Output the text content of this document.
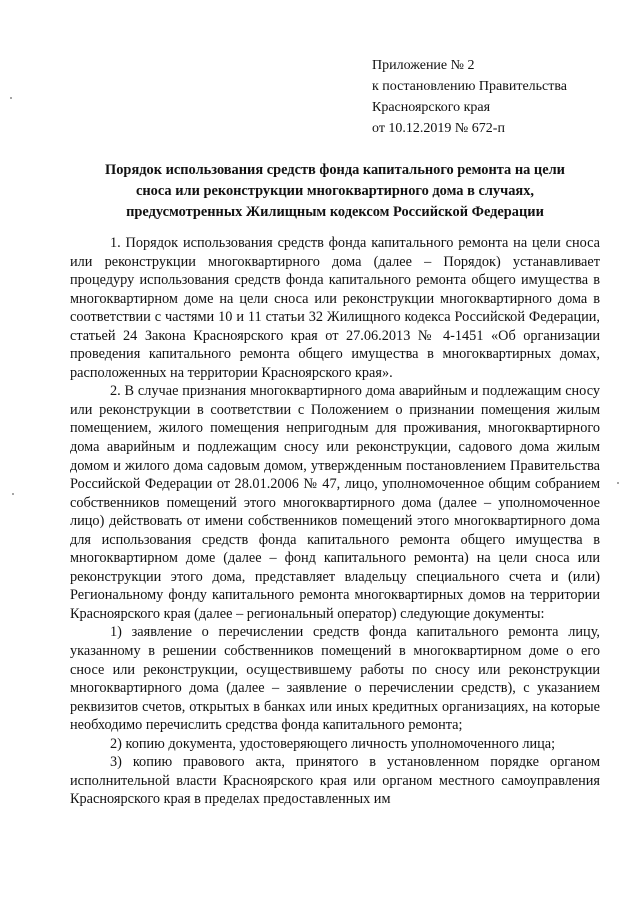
Приложение № 2
к постановлению Правительства
Красноярского края
от 10.12.2019 № 672-п
Порядок использования средств фонда капитального ремонта на цели
сноса или реконструкции многоквартирного дома в случаях,
предусмотренных Жилищным кодексом Российской Федерации

1. Порядок использования средств фонда капитального ремонта на цели сноса или реконструкции многоквартирного дома (далее – Порядок) устанавливает процедуру использования средств фонда капитального ремонта общего имущества в многоквартирном доме на цели сноса или реконструкции многоквартирного дома в соответствии с частями 10 и 11 статьи 32 Жилищного кодекса Российской Федерации, статьей 24 Закона Красноярского края от 27.06.2013 № 4-1451 «Об организации проведения капитального ремонта общего имущества в многоквартирных домах, расположенных на территории Красноярского края».

2. В случае признания многоквартирного дома аварийным и подлежащим сносу или реконструкции в соответствии с Положением о признании помещения жилым помещением, жилого помещения непригодным для проживания, многоквартирного дома аварийным и подлежащим сносу или реконструкции, садового дома жилым домом и жилого дома садовым домом, утвержденным постановлением Правительства Российской Федерации от 28.01.2006 № 47, лицо, уполномоченное общим собранием собственников помещений этого многоквартирного дома (далее – уполномоченное лицо) действовать от имени собственников помещений этого многоквартирного дома для использования средств фонда капитального ремонта общего имущества в многоквартирном доме (далее – фонд капитального ремонта) на цели сноса или реконструкции этого дома, представляет владельцу специального счета и (или) Региональному фонду капитального ремонта многоквартирных домов на территории Красноярского края (далее – региональный оператор) следующие документы:

1) заявление о перечислении средств фонда капитального ремонта лицу, указанному в решении собственников помещений в многоквартирном доме о его сносе или реконструкции, осуществившему работы по сносу или реконструкции многоквартирного дома (далее – заявление о перечислении средств), с указанием реквизитов счетов, открытых в банках или иных кредитных организациях, на которые необходимо перечислить средства фонда капитального ремонта;

2) копию документа, удостоверяющего личность уполномоченного лица;

3) копию правового акта, принятого в установленном порядке органом исполнительной власти Красноярского края или органом местного самоуправления Красноярского края в пределах предоставленных им
